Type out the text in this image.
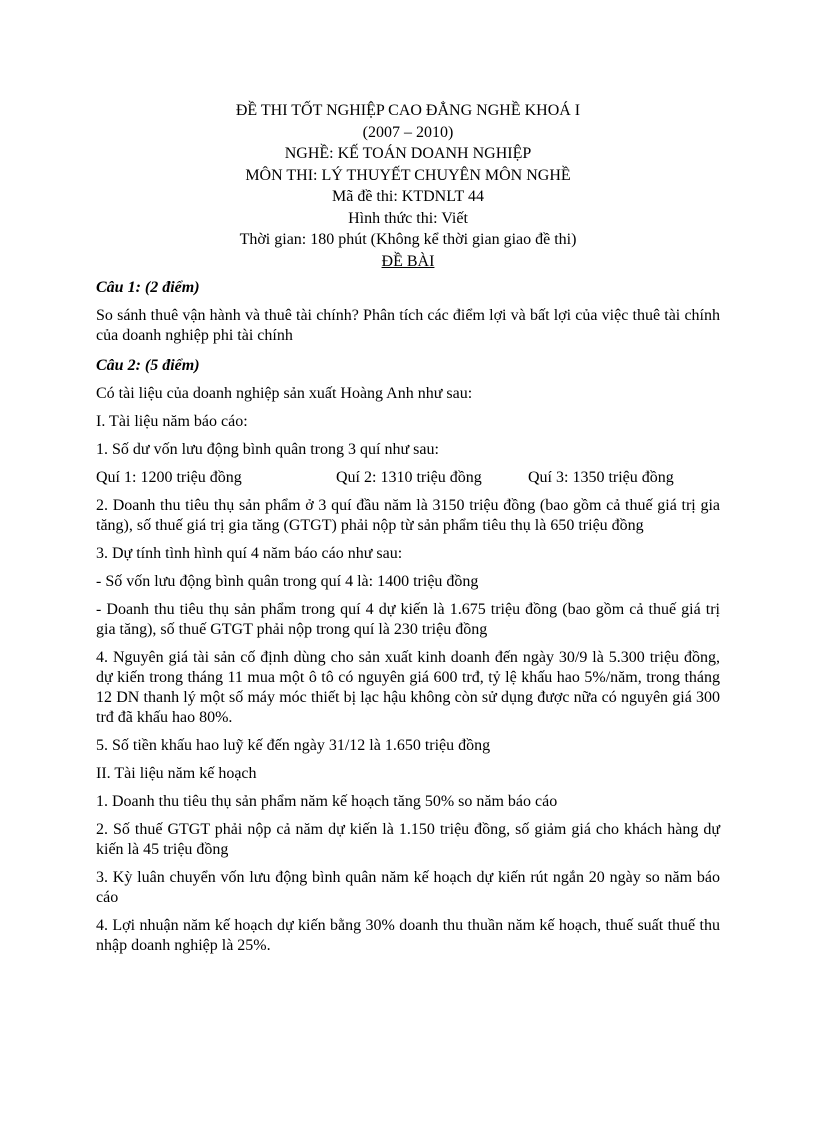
ĐỀ THI TỐT NGHIỆP CAO ĐẲNG NGHỀ KHOÁ I
(2007 – 2010)
NGHỀ: KẾ TOÁN DOANH NGHIỆP
MÔN THI: LÝ THUYẾT CHUYÊN MÔN NGHỀ
Mã đề thi: KTDNLT 44
Hình thức thi: Viết
Thời gian: 180 phút (Không kể thời gian giao đề thi)
ĐỀ BÀI
Câu 1: (2 điểm)

So sánh thuê vận hành và thuê tài chính? Phân tích các điểm lợi và bất lợi của việc thuê tài chính của doanh nghiệp phi tài chính

Câu 2: (5 điểm)

Có tài liệu của doanh nghiệp sản xuất Hoàng Anh như sau:

I. Tài liệu năm báo cáo:

1. Số dư vốn lưu động bình quân trong 3 quí như sau:

Quí 1: 1200 triệu đồng	Quí 2: 1310 triệu đồng	Quí 3: 1350 triệu đồng

2. Doanh thu tiêu thụ sản phẩm ở 3 quí đầu năm là 3150 triệu đồng (bao gồm cả thuế giá trị gia tăng), số thuế giá trị gia tăng (GTGT) phải nộp từ sản phẩm tiêu thụ là 650 triệu đồng

3. Dự tính tình hình quí 4 năm báo cáo như sau:

- Số vốn lưu động bình quân trong quí 4 là: 1400 triệu đồng

- Doanh thu tiêu thụ sản phẩm trong quí 4 dự kiến là 1.675 triệu đồng (bao gồm cả thuế giá trị gia tăng), số thuế GTGT phải nộp trong quí là 230 triệu đồng

4. Nguyên giá tài sản cố định dùng cho sản xuất kinh doanh đến ngày 30/9 là 5.300 triệu đồng, dự kiến trong tháng 11 mua một ô tô có nguyên giá 600 trđ, tỷ lệ khấu hao 5%/năm, trong tháng 12 DN thanh lý một số máy móc thiết bị lạc hậu không còn sử dụng được nữa có nguyên giá 300 trđ đã khấu hao 80%.

5. Số tiền khấu hao luỹ kế đến ngày 31/12 là 1.650 triệu đồng

II. Tài liệu năm kế hoạch

1. Doanh thu tiêu thụ sản phẩm năm kế hoạch tăng 50% so năm báo cáo

2. Số thuế GTGT phải nộp cả năm dự kiến là 1.150 triệu đồng, số giảm giá cho khách hàng dự kiến là 45 triệu đồng

3. Kỳ luân chuyển vốn lưu động bình quân năm kế hoạch dự kiến rút ngắn 20 ngày so năm báo cáo

4. Lợi nhuận năm kế hoạch dự kiến bằng 30% doanh thu thuần năm kế hoạch, thuế suất thuế thu nhập doanh nghiệp là 25%.
